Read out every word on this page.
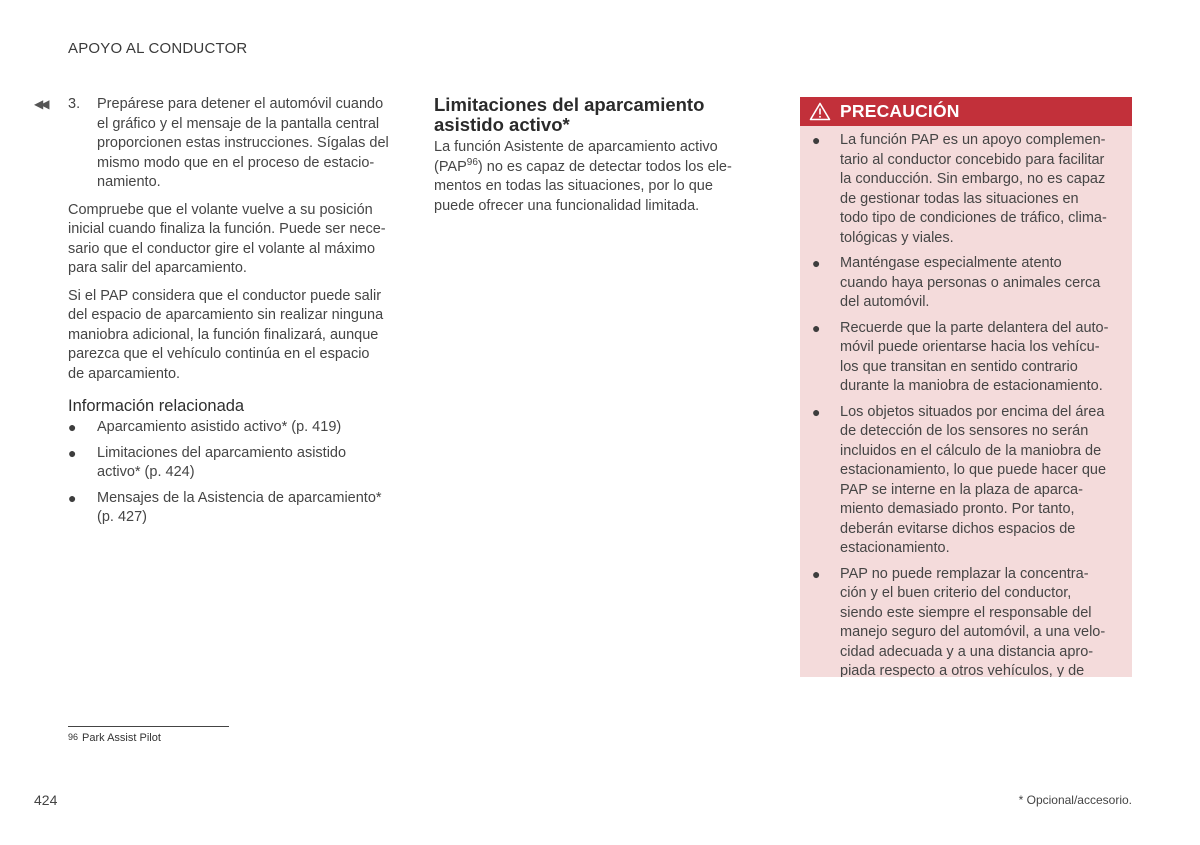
APOYO AL CONDUCTOR
◀◀ 3.	Prepárese para detener el automóvil cuando
el gráfico y el mensaje de la pantalla central
proporcionen estas instrucciones. Sígalas del
mismo modo que en el proceso de estacio-
namiento.
Compruebe que el volante vuelve a su posición
inicial cuando finaliza la función. Puede ser nece-
sario que el conductor gire el volante al máximo
para salir del aparcamiento.
Si el PAP considera que el conductor puede salir
del espacio de aparcamiento sin realizar ninguna
maniobra adicional, la función finalizará, aunque
parezca que el vehículo continúa en el espacio
de aparcamiento.
Información relacionada
●	Aparcamiento asistido activo* (p. 419)
●	Limitaciones del aparcamiento asistido
activo* (p. 424)
●	Mensajes de la Asistencia de aparcamiento*
(p. 427)
Limitaciones del aparcamiento
asistido activo*
La función Asistente de aparcamiento activo
(PAP$^{96}$) no es capaz de detectar todos los ele-
mentos en todas las situaciones, por lo que
puede ofrecer una funcionalidad limitada.
PRECAUCIÓN
●	La función PAP es un apoyo complemen-
tario al conductor concebido para facilitar
la conducción. Sin embargo, no es capaz
de gestionar todas las situaciones en
todo tipo de condiciones de tráfico, clima-
tológicas y viales.
●	Manténgase especialmente atento
cuando haya personas o animales cerca
del automóvil.
●	Recuerde que la parte delantera del auto-
móvil puede orientarse hacia los vehícu-
los que transitan en sentido contrario
durante la maniobra de estacionamiento.
●	Los objetos situados por encima del área
de detección de los sensores no serán
incluidos en el cálculo de la maniobra de
estacionamiento, lo que puede hacer que
PAP se interne en la plaza de aparca-
miento demasiado pronto. Por tanto,
deberán evitarse dichos espacios de
estacionamiento.
●	PAP no puede remplazar la concentra-
ción y el buen criterio del conductor,
siendo este siempre el responsable del
manejo seguro del automóvil, a una velo-
cidad adecuada y a una distancia apro-
piada respecto a otros vehículos, y de
$^{96}$ Park Assist Pilot
424	* Opcional/accesorio.
